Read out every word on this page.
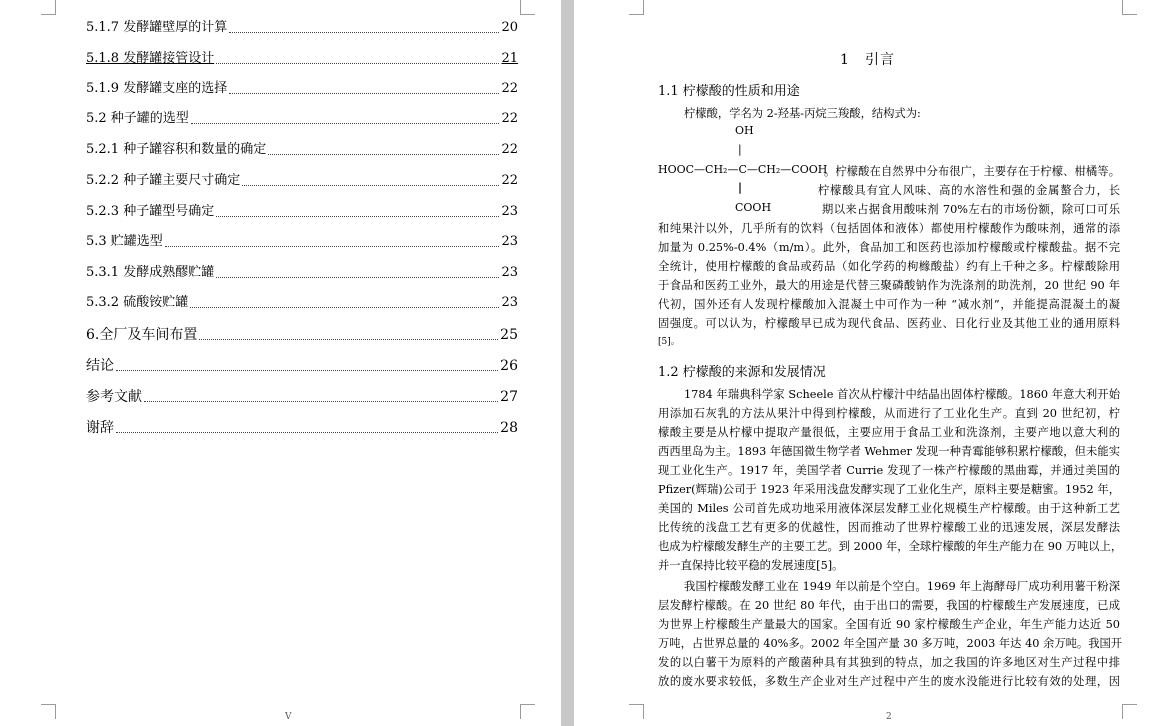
5.1.7 发酵罐壁厚的计算	20
5.1.8 发酵罐接管设计	21
5.1.9 发酵罐支座的选择	22
5.2 种子罐的选型	22
5.2.1 种子罐容积和数量的确定	22
5.2.2 种子罐主要尺寸确定	22
5.2.3 种子罐型号确定	23
5.3 贮罐选型	23
5.3.1 发酵成熟醪贮罐	23
5.3.2 硫酸铵贮罐	23
6.全厂及车间布置	25
结论	26
参考文献	27
谢辞	28
V
1　引言
1.1 柠檬酸的性质和用途
柠檬酸，学名为 2-羟基-丙烷三羧酸，结构式为:
OH
|
HOOC—CH₂—C—CH₂—COOH
|
COOH
。柠檬酸在自然界中分布很广，主要存在于柠檬、柑橘等。
柠檬酸具有宜人风味、高的水溶性和强的金属螯合力，长
期以来占据食用酸味剂 70%左右的市场份额，除可口可乐
和纯果汁以外，几乎所有的饮料（包括固体和液体）都使用柠檬酸作为酸味剂，通常的添
加量为 0.25%-0.4%（m/m）。此外，食品加工和医药也添加柠檬酸或柠檬酸盐。据不完
全统计，使用柠檬酸的食品或药品（如化学药的枸橼酸盐）约有上千种之多。柠檬酸除用
于食品和医药工业外，最大的用途是代替三聚磷酸钠作为洗涤剂的助洗剂，20 世纪 90 年
代初，国外还有人发现柠檬酸加入混凝土中可作为一种 “减水剂”，并能提高混凝土的凝
固强度。可以认为，柠檬酸早已成为现代食品、医药业、日化行业及其他工业的通用原料
[5]。
1.2 柠檬酸的来源和发展情况
1784 年瑞典科学家 Scheele 首次从柠檬汁中结晶出固体柠檬酸。1860 年意大利开始
用添加石灰乳的方法从果汁中得到柠檬酸，从而进行了工业化生产。直到 20 世纪初，柠
檬酸主要是从柠檬中提取产量很低，主要应用于食品工业和洗涤剂，主要产地以意大利的
西西里岛为主。1893 年德国微生物学者 Wehmer 发现一种青霉能够积累柠檬酸，但未能实
现工业化生产。1917 年，美国学者 Currie 发现了一株产柠檬酸的黑曲霉，并通过美国的
Pfizer(辉瑞)公司于 1923 年采用浅盘发酵实现了工业化生产，原料主要是糖蜜。1952 年，
美国的 Miles 公司首先成功地采用液体深层发酵工业化规模生产柠檬酸。由于这种新工艺
比传统的浅盘工艺有更多的优越性，因而推动了世界柠檬酸工业的迅速发展，深层发酵法
也成为柠檬酸发酵生产的主要工艺。到 2000 年，全球柠檬酸的年生产能力在 90 万吨以上，
并一直保持比较平稳的发展速度[5]。
我国柠檬酸发酵工业在 1949 年以前是个空白。1969 年上海酵母厂成功利用薯干粉深
层发酵柠檬酸。在 20 世纪 80 年代，由于出口的需要，我国的柠檬酸生产发展速度，已成
为世界上柠檬酸生产量最大的国家。全国有近 90 家柠檬酸生产企业，年生产能力达近 50
万吨，占世界总量的 40%多。2002 年全国产量 30 多万吨，2003 年达 40 余万吨。我国开
发的以白薯干为原料的产酸菌种具有其独到的特点，加之我国的许多地区对生产过程中排
放的废水要求较低，多数生产企业对生产过程中产生的废水没能进行比较有效的处理，因
2
